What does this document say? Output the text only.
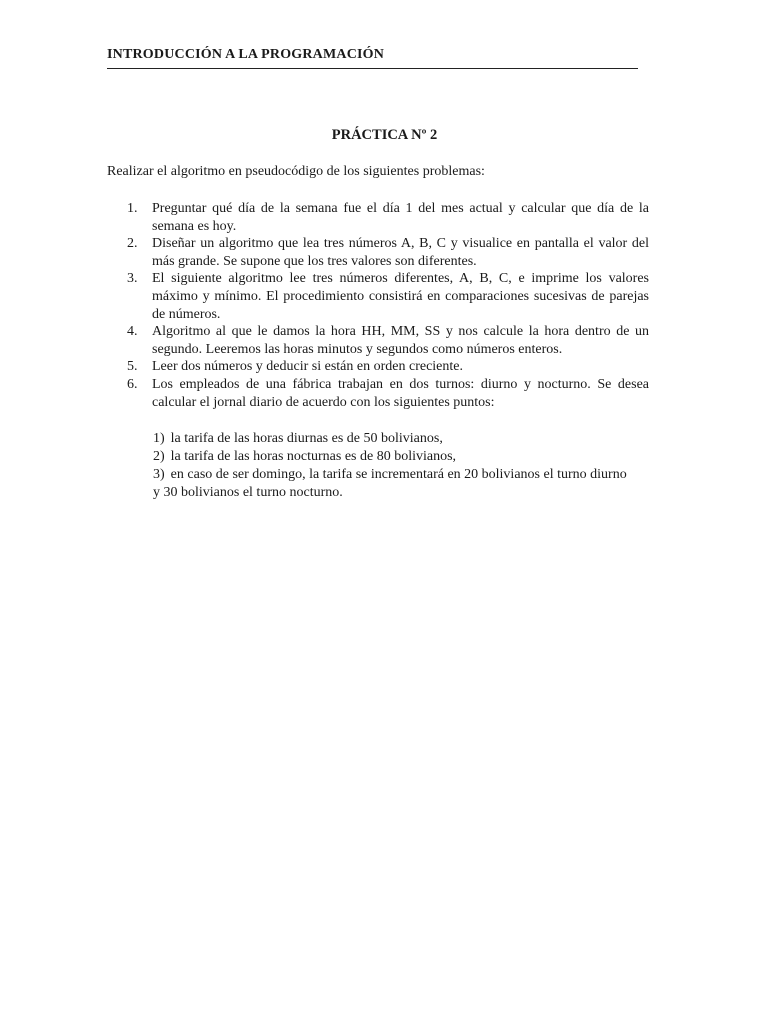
INTRODUCCIÓN A LA PROGRAMACIÓN
PRÁCTICA Nº 2
Realizar el algoritmo en pseudocódigo de los siguientes problemas:
1.	Preguntar qué día de la semana fue el día 1 del mes actual y calcular que día de la semana es hoy.
2.	Diseñar un algoritmo que lea tres números A, B, C y visualice en pantalla el valor del más grande. Se supone que los tres valores son diferentes.
3.	El siguiente algoritmo lee tres números diferentes, A, B, C, e imprime los valores máximo y mínimo. El procedimiento consistirá en comparaciones sucesivas de parejas de números.
4.	Algoritmo al que le damos la hora HH, MM, SS y nos calcule la hora dentro de un segundo. Leeremos las horas minutos y segundos como números enteros.
5.	Leer dos números y deducir si están en orden creciente.
6.	Los empleados de una fábrica trabajan en dos turnos: diurno y nocturno. Se desea calcular el jornal diario de acuerdo con los siguientes puntos:
1) la tarifa de las horas diurnas es de 50 bolivianos,
2) la tarifa de las horas nocturnas es de 80 bolivianos,
3) en caso de ser domingo, la tarifa se incrementará en 20 bolivianos el turno diurno y 30 bolivianos el turno nocturno.
